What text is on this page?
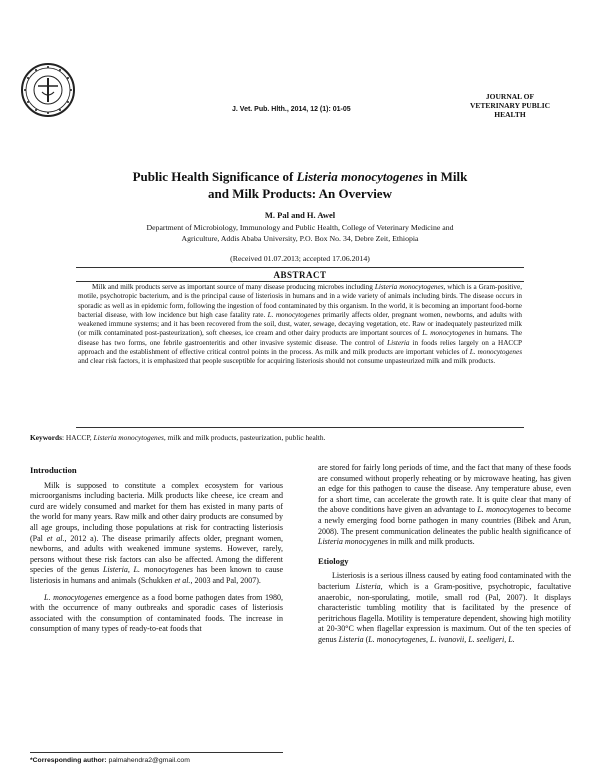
J. Vet. Pub. Hlth., 2014, 12 (1): 01-05
JOURNAL OF
VETERINARY PUBLIC
HEALTH
Public Health Significance of Listeria monocytogenes in Milk
and Milk Products: An Overview
M. Pal and H. Awel
Department of Microbiology, Immunology and Public Health, College of Veterinary Medicine and
Agriculture, Addis Ababa University, P.O. Box No. 34, Debre Zeit, Ethiopia
(Received 01.07.2013; accepted 17.06.2014)
ABSTRACT

Milk and milk products serve as important source of many disease producing microbes including Listeria monocytogenes, which is a Gram-positive, motile, psychotropic bacterium, and is the principal cause of listeriosis in humans and in a wide variety of animals including birds. The disease occurs in sporadic as well as in epidemic form, following the ingestion of food contaminated by this organism. In the world, it is becoming an important food-borne bacterial disease, with low incidence but high case fatality rate. L. monocytogenes primarily affects older, pregnant women, newborns, and adults with weakened immune systems; and it has been recovered from the soil, dust, water, sewage, decaying vegetation, etc. Raw or inadequately pasteurized milk (or milk contaminated post-pasteurization), soft cheeses, ice cream and other dairy products are important sources of L. monocytogenes in humans. The disease has two forms, one febrile gastroenteritis and other invasive systemic disease. The control of Listeria in foods relies largely on a HACCP approach and the establishment of effective critical control points in the process. As milk and milk products are important vehicles of L. monocytogenes and clear risk factors, it is emphasized that people susceptible for acquiring listeriosis should not consume unpasteurized milk and milk products.

Keywords: HACCP, Listeria monocytogenes, milk and milk products, pasteurization, public health.
Introduction

Milk is supposed to constitute a complex ecosystem for various microorganisms including bacteria. Milk products like cheese, ice cream and curd are widely consumed and market for them has existed in many parts of the world for many years. Raw milk and other dairy products are consumed by all age groups, including those populations at risk for contracting listeriosis (Pal et al., 2012 a). The disease primarily affects older, pregnant women, newborns, and adults with weakened immune systems. However, rarely, persons without these risk factors can also be affected. Among the different species of the genus Listeria, L. monocytogenes has been known to cause listeriosis in humans and animals (Schukken et al., 2003 and Pal, 2007).

L. monocytogenes emergence as a food borne pathogen dates from 1980, with the occurrence of many outbreaks and sporadic cases of listeriosis associated with the consumption of contaminated foods. The increase in consumption of many types of ready-to-eat foods that

are stored for fairly long periods of time, and the fact that many of these foods are consumed without properly reheating or by microwave heating, has given an edge for this pathogen to cause the disease. Any temperature abuse, even for a short time, can accelerate the growth rate. It is quite clear that many of the above conditions have given an advantage to L. monocytogenes to become a newly emerging food borne pathogen in many countries (Bibek and Arun, 2008). The present communication delineates the public health significance of Listeria monocygenes in milk and milk products.

Etiology

Listeriosis is a serious illness caused by eating food contaminated with the bacterium Listeria, which is a Gram-positive, psychotropic, facultative anaerobic, non-sporulating, motile, small rod (Pal, 2007). It displays characteristic tumbling motility that is facilitated by the presence of peritrichous flagella. Motility is temperature dependent, showing high motility at 20-30°C when flagellar expression is maximum. Out of the ten species of genus Listeria (L. monocytogenes, L. ivanovii, L. seeligeri, L.

*Corresponding author: palmahendra2@gmail.com
